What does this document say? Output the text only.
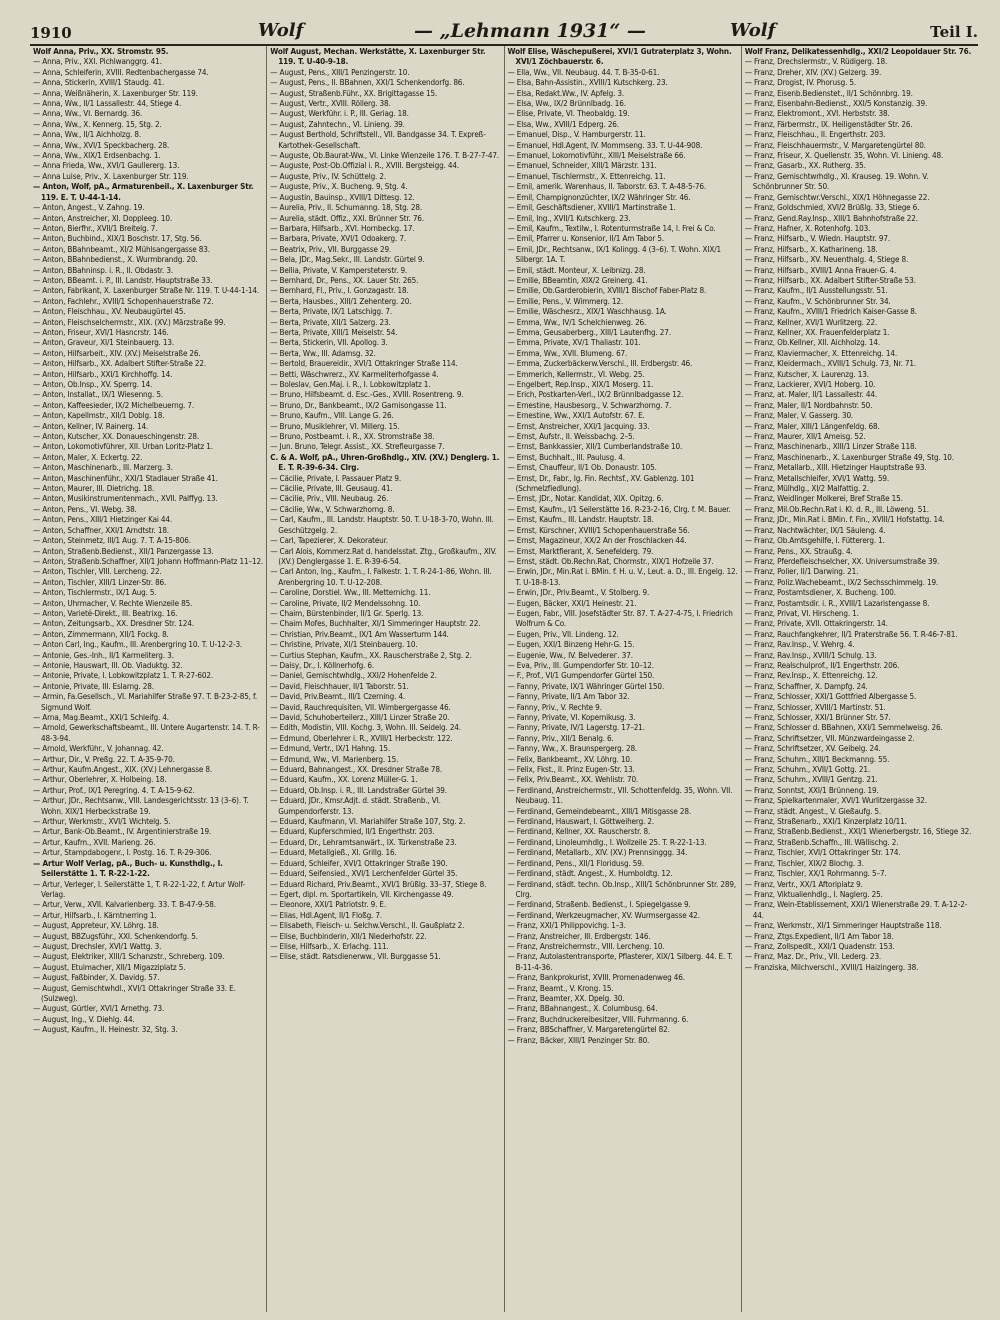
1910	Wolf	— „Lehmann 1931“ —	Wolf	Teil I.
Wolf Anna, Priv., XX. Stromstr. 95.
— Anna, Priv., XXI. Pichlwanggrg. 41.
— Anna, Schleiferin, XVIII. Redtenbachergasse 74.
— Anna, Stickerin, XVIII/1 Staudg. 41.
— Anna, Weißnäherin, X. Laxenburger Str. 119.
— Anna, Ww., II/1 Lassallestr. 44, Stiege 4.
— Anna, Ww., VI. Bernardg. 36.
— Anna, Ww., X. Kennerg. 15, Stg. 2.
— Anna, Ww., II/1 Aichholzg. 8.
— Anna, Ww., XVI/1 Speckbacherg. 28.
— Anna, Ww., XIX/1 Erdsenbachg. 1.
— Anna Frieda, Ww., XVI/1 Gaullererg. 13.
— Anna Luise, Priv., X. Laxenburger Str. 119.
— Anton, Wolf, pA., Armaturenbeil., X. Laxenburger Str. 119. E. T. U-44-1-14.
— Anton, Angest., V. Zahng. 19.
— Anton, Anstreicher, XI. Doppleeg. 10.
— Anton, Bierfhr., XVII/1 Breitelg. 7.
— Anton, Buchbind., XIX/1 Boschstr. 17, Stg. 56.
— Anton, BBahnbeamt., XI/2 Mühlsangergasse 83.
— Anton, BBahnbedienst., X. Wurmbrandg. 20.
— Anton, BBahninsp. i. R., II. Obdastr. 3.
— Anton, BBeamt. i. P., III. Landstr. Hauptstraße 33.
— Anton, Fabrikant, X. Laxenburger Straße Nr. 119. T. U-44-1-14.
— Anton, Fachlehr., XVIII/1 Schopenhauerstraße 72.
— Anton, Fleischhau., XV. Neubaugürtel 45.
— Anton, Fleischselchermstr., XIX. (XV.) Märzstraße 99.
— Anton, Friseur, XVI/1 Hasncrstr. 146.
— Anton, Graveur, XI/1 Steinbauerg. 13.
— Anton, Hilfsarbeit., XIV. (XV.) Meiselstraße 26.
— Anton, Hilfsarb., XX. Adalbert Stifter-Straße 22.
— Anton, Hilfsarb., XXI/1 Kirchhoffg. 14.
— Anton, Ob.Insp., XV. Sperrg. 14.
— Anton, Installat., IX/1 Wiesenng. 5.
— Anton, Kaffeesieder, IX/2 Michelbeuerng. 7.
— Anton, Kapellmstr., XII/1 Doblg. 18.
— Anton, Kellner, IV. Rainerg. 14.
— Anton, Kutscher, XX. Donaueschingenstr. 28.
— Anton, Lokomotivführer, XII. Urban Loritz-Platz 1.
— Anton, Maler, X. Eckertg. 22.
— Anton, Maschinenarb., III. Marzerg. 3.
— Anton, Maschinenführ., XXI/1 Stadlauer Straße 41.
— Anton, Maurer, III. Dietrichg. 18.
— Anton, Musikinstrumentenmach., XVII. Palffyg. 13.
— Anton, Pens., VI. Webg. 38.
— Anton, Pens., XIII/1 Hietzinger Kai 44.
— Anton, Schaffner, XXI/1 Arndtstr. 18.
— Anton, Steinmetz, III/1 Aug. 7. T. A-15-806.
— Anton, Straßenb.Bedienst., XII/1 Panzergasse 13.
— Anton, Straßenb.Schaffner, XII/1 Johann Hoffmann-Platz 11–12.
— Anton, Tischler, VIII. Lercheng. 22.
— Anton, Tischler, XIII/1 Linzer-Str. 86.
— Anton, Tischlermstr., IX/1 Aug. 5.
— Anton, Uhrmacher, V. Rechte Wienzeile 85.
— Anton, Varieté-Direkt., III. Beatrixg. 16.
— Anton, Zeitungsarb., XX. Dresdner Str. 124.
— Anton, Zimmermann, XII/1 Fockg. 8.
— Anton Carl, Ing., Kaufm., III. Arenbergring 10. T. U-12-2-3.
— Antonie, Ges.-Inh., II/1 Karmeliterg. 3.
— Antonie, Hauswart, III. Ob. Viaduktg. 32.
— Antonie, Private, I. Lobkowitzplatz 1. T. R-27-602.
— Antonie, Private, III. Eslarng. 28.
— Armin, Fa.Gesellsch., VI. Mariahilfer Straße 97. T. B-23-2-85, f. Sigmund Wolf.
— Arna, Mag.Beamt., XXI/1 Schleifg. 4.
— Arnold, Gewerkschaftsbeamt., III. Untere Augartenstr. 14. T. R-48-3-94.
— Arnold, Werkführ., V. Johannag. 42.
— Arthur, Dir., V. Preßg. 22. T. A-35-9-70.
— Arthur, Kaufm.Angest., XIX. (XV.) Lehnergasse 8.
— Arthur, Oberlehrer, X. Holbeing. 18.
— Arthur, Prof., IX/1 Peregring. 4. T. A-15-9-62.
— Arthur, JDr., Rechtsanw., VIII. Landesgerichtsstr. 13 (3–6). T. Wohn. XIX/1 Herbeckstraße 19.
— Arthur, Werkmstr., XVI/1 Wichtelg. 5.
— Artur, Bank-Ob.Beamt., IV. Argentinierstraße 19.
— Artur, Kaufm., XVII. Marieng. 26.
— Artur, Stampdabogenr., I. Postg. 16. T. R-29-306.
— Artur Wolf Verlag, pA., Buch- u. Kunsthdlg., I. Seilerstätte 1. T. R-22-1-22.
— Artur, Verleger, I. Seilerstätte 1, T. R-22-1-22, f. Artur Wolf-Verlag.
— Artur, Verw., XVII. Kalvarienberg. 33. T. B-47-9-58.
— Artur, Hilfsarb., I. Kärntnerring 1.
— August, Appreteur, XV. Löhrg. 18.
— August, BBZugsführ., XXI. Schenkendorfg. 5.
— August, Drechsler, XVI/1 Wattg. 3.
— August, Elektriker, XIII/1 Schanzstr., Schreberg. 109.
— August, Etuimacher, XII/1 Migazziplatz 5.
— August, Faßbinder, X. Davidg. 57.
— August, Gemischtwhdl., XVI/1 Ottakringer Straße 33. E. (Sulzweg).
— August, Gürtler, XVI/1 Arnethg. 73.
— August, Ing., V. Diehlg. 44.
— August, Kaufm., II. Heinestr. 32, Stg. 3.
Wolf August, Mechan. Werkstätte, X. Laxenburger Str. 119. T. U-40-9-18.
— August, Pens., XIII/1 Penzingerstr. 10.
— August, Pens., II. BBahnen, XXI/1 Schenkendorfg. 86.
— August, Straßenb.Führ., XX. Brigittagasse 15.
— August, Vertr., XVIII. Röllerg. 38.
— August, Werkführ. i. P., III. Geriag. 18.
— August, Zahntechn., VI. Linieng. 39.
— August Berthold, Schriftstell., VII. Bandgasse 34. T. Expreß-Kartothek-Gesellschaft.
— Auguste, Ob.Baurat-Ww., VI. Linke Wienzeile 176. T. B-27-7-47.
— Auguste, Post-Ob.Offizial i. R., XVIII. Bergsteigg. 44.
— Auguste, Priv., IV. Schüttelg. 2.
— Auguste, Priv., X. Bucheng. 9, Stg. 4.
— Augustin, Bauinsp., XVIII/1 Dittesg. 12.
— Aurelia, Priv., II. Schumanng. 18, Stg. 28.
— Aurelia, städt. Offiz., XXI. Brünner Str. 76.
— Barbara, Hilfsarb., XVI. Hornbeckg. 17.
— Barbara, Private, XVI/1 Odoakerg. 7.
— Beatrix, Priv., VII. Burggasse 29.
— Bela, JDr., Mag.Sekr., III. Landstr. Gürtel 9.
— Bellia, Private, V. Kampersteterstr. 9.
— Bernhard, Dr., Pens., XX. Lauer Str. 265.
— Bernhard, Fl., Priv., I. Gonzagastr. 18.
— Berta, Hausbes., XIII/1 Zehenterg. 20.
— Berta, Private, IX/1 Latschigg. 7.
— Berta, Private, XII/1 Salzerg. 23.
— Berta, Private, XIII/1 Meiselstr. 54.
— Berta, Stickerin, VII. Apollog. 3.
— Berta, Ww., III. Adamsg. 32.
— Bertold, Brauereidir., XVI/1 Ottakringer Straße 114.
— Betti, Wäschwrerz., XV. Karmeliterhofgasse 4.
— Boleslav, Gen.Maj. i. R., I. Lobkowitzplatz 1.
— Bruno, Hilfsbeamt. d. Esc.-Ges., XVIII. Rosentreng. 9.
— Bruno, Dr., Bankbeamt., IX/2 Garnisongasse 11.
— Bruno, Kaufm., VIII. Lange G. 26.
— Bruno, Musiklehrer, VI. Millerg. 15.
— Bruno, Postbeamt. i. R., XX. Stromstraße 38.
— Jun. Bruno, Telegr. Assist., XX. Strefleurgasse 7.
C. & A. Wolf, pA., Uhren-Großhdlg., XIV. (XV.) Denglerg. 1. E. T. R-39-6-34. Clrg.
— Cäcilie, Private, I. Passauer Platz 9.
— Cäcilie, Private, III. Geusaug. 41.
— Cäcilie, Priv., VIII. Neubaug. 26.
— Cäcilie, Ww., V. Schwarzhorng. 8.
— Carl, Kaufm., III. Landstr. Hauptstr. 50. T. U-18-3-70, Wohn. III. Geschützgelg. 2.
— Carl, Tapezierer, X. Dekorateur.
— Carl Alois, Kommerz.Rat d. handelsstat. Ztg., Großkaufm., XIV. (XV.) Denglergasse 1. E. R-39-6-54.
— Carl Anton, Ing., Kaufm., I. Falkestr. 1. T. R-24-1-86, Wohn. III. Arenbergring 10. T. U-12-208.
— Caroline, Dorstiel. Ww., III. Metternichg. 11.
— Caroline, Private, II/2 Mendelssohng. 10.
— Chaim, Bürstenbinder, II/1 Gr. Sperlg. 13.
— Chaim Mofes, Buchhalter, XI/1 Simmeringer Hauptstr. 22.
— Christian, Priv.Beamt., IX/1 Am Wasserturm 144.
— Christine, Private, XI/1 Steinbauerg. 10.
— Curtius Stephan, Kaufm., XX. Rauscherstraße 2, Stg. 2.
— Daisy, Dr., I. Köllnerhofg. 6.
— Daniel, Gemischtwhdlg., XXI/2 Hohenfelde 2.
— David, Fleischhauer, II/1 Taborstr. 51.
— David, Priv.Beamt., III/1 Czerning. 4.
— David, Rauchrequisiten, VII. Wimbergergasse 46.
— David, Schuhoberteilerz., XIII/1 Linzer Straße 20.
— Edith, Modistin, VIII. Kochg. 3, Wohn. III. Seidelg. 24.
— Edmund, Oberlehrer i. R., XVIII/1 Herbeckstr. 122.
— Edmund, Vertr., IX/1 Hahng. 15.
— Edmund, Ww., VI. Marienberg. 15.
— Eduard, Bahnangest., XX. Dresdner Straße 78.
— Eduard, Kaufm., XX. Lorenz Müller-G. 1.
— Eduard, Ob.Insp. i. R., III. Landstraßer Gürtel 39.
— Eduard, JDr., Kmsr.Adjt. d. städt. Straßenb., VI. Gumpendorferstr. 13.
— Eduard, Kaufmann, VI. Mariahilfer Straße 107, Stg. 2.
— Eduard, Kupferschmied, II/1 Engerthstr. 203.
— Eduard, Dr., Lehramtsanwärt., IX. Türkenstraße 23.
— Eduard, Metallgieß., XI. Grillg. 16.
— Eduard, Schleifer, XVI/1 Ottakringer Straße 190.
— Eduard, Seifensied., XVI/1 Lerchenfelder Gürtel 35.
— Eduard Richard, Priv.Beamt., XVI/1 Brüßlg. 33–37, Stiege 8.
— Egert, dipl. m. Sportartikeln, VII. Kirchengasse 49.
— Eleonore, XXI/1 Patriotstr. 9. E.
— Elias, Hdl.Agent, II/1 Floßg. 7.
— Elisabeth, Fleisch- u. Selchw.Verschl., II. Gaußplatz 2.
— Elise, Buchbinderin, XII/1 Niederhofstr. 22.
— Elise, Hilfsarb., X. Erlachg. 111.
— Elise, städt. Ratsdienerww., VII. Burggasse 51.
Wolf Elise, Wäschepußerei, XVI/1 Gutraterplatz 3, Wohn. XVI/1 Zöchbauerstr. 6.
— Ella, Ww., VII. Neubaug. 44. T. B-35-0-61.
— Elsa, Bahn-Assistin., XVIII/1 Kutschkerg. 23.
— Elsa, Redakt.Ww., IV. Apfelg. 3.
— Elsa, Ww., IX/2 Brünnlbadg. 16.
— Elise, Private, VI. Theobaldg. 19.
— Elsa, Ww., XVIII/1 Edperg. 26.
— Emanuel, Disp., V. Hamburgerstr. 11.
— Emanuel, Hdl.Agent, IV. Mommseng. 33. T. U-44-908.
— Emanuel, Lokomotivführ., XIII/1 Meiselstraße 66.
— Emanuel, Schneider, XIII/1 Märzstr. 131.
— Emanuel, Tischlermstr., X. Ettenreichg. 11.
— Emil, amerik. Warenhaus, II. Taborstr. 63. T. A-48-5-76.
— Emil, Champignonzüchter, IX/2 Währinger Str. 46.
— Emil, Geschäftsdiener, XVIII/1 Martinstraße 1.
— Emil, Ing., XVII/1 Kutschkerg. 23.
— Emil, Kaufm., Textilw., I. Rotenturmstraße 14, I. Frei & Co.
— Emil, Pfarrer u. Konsenior, II/1 Am Tabor 5.
— Emil, JDr., Rechtsanw., IX/1 Kolingg. 4 (3–6). T. Wohn. XIX/1 Silbergr. 1A. T.
— Emil, städt. Monteur, X. Leibnizg. 28.
— Emilie, BBeamtin, XIX/2 Greinerg. 41.
— Emilie, Ob.Garderobierin, XVIII/1 Bischof Faber-Platz 8.
— Emilie, Pens., V. Wimmerg. 12.
— Emilie, Wäschesrz., XIX/1 Waschhausg. 1A.
— Emma, Ww., IV/1 Schelchienweg. 26.
— Emma, Geusaberberg., XIII/1 Lautenfhg. 27.
— Emma, Private, XV/1 Thaliastr. 101.
— Emma, Ww., XVII. Blumeng. 67.
— Emma, Zuckerbäckerw.Verschl., III. Erdbergstr. 46.
— Emmerich, Kellermstr., VI. Webg. 25.
— Engelbert, Rep.Insp., XIX/1 Moserg. 11.
— Erich, Postkarten-Verl., IX/2 Brünnlbadgasse 12.
— Ernestine, Hausbesorg., V. Schwarzhorng. 7.
— Ernestine, Ww., XXI/1 Autofstr. 67. E.
— Ernst, Anstreicher, XXI/1 Jacquing. 33.
— Ernst, Aufstr., II. Weissbachg. 2–5.
— Ernst, Bankkassier, XII/1 Cumberlandstraße 10.
— Ernst, Buchhalt., III. Paulusg. 4.
— Ernst, Chauffeur, II/1 Ob. Donaustr. 105.
— Ernst, Dr., Fabr., Ig. Fin. Rechtsf., XV. Gablenzg. 101 (Schmelzfiedlung).
— Ernst, JDr., Notar. Kandidat, XIX. Opitzg. 6.
— Ernst, Kaufm., I/1 Seilerstätte 16. R-23-2-16, Clrg. f. M. Bauer.
— Ernst, Kaufm., III. Landstr. Hauptstr. 18.
— Ernst, Kürschner, XVIII/1 Schopenhauerstraße 56.
— Ernst, Magazineur, XX/2 An der Froschlacken 44.
— Ernst, Marktfierant, X. Senefelderg. 79.
— Ernst, städt. Ob.Rechn.Rat, Chormstr., XIX/1 Hofzeile 37.
— Erwin, JDr., Min.Rat i. BMin. f. H. u. V., Leut. a. D., III. Engelg. 12. T. U-18-8-13.
— Erwin, JDr., Priv.Beamt., V. Stolberg. 9.
— Eugen, Bäcker, XXI/1 Heinestr. 21.
— Eugen, Fabr., VIII. Josefstädter Str. 87. T. A-27-4-75, I. Friedrich Wolfrum & Co.
— Eugen, Priv., VII. Lindeng. 12.
— Eugen, XXI/1 Binzeng Hehr-G. 15.
— Eugenie, Ww., IV. Belvederег. 37.
— Eva, Priv., III. Gumpendorfer Str. 10–12.
— F., Prof., VI/1 Gumpendorfer Gürtel 150.
— Fanny, Private, IX/1 Währinger Gürtel 150.
— Fanny, Private, II/1 Am Tabor 32.
— Fanny, Priv., V. Rechte 9.
— Fanny, Private, VI. Kopernikusg. 3.
— Fanny, Private, IV/1 Lagerstg. 17–21.
— Fanny, Priv., XII/1 Benalg. 6.
— Fanny, Ww., X. Braunspergerg. 28.
— Felix, Bankbeamt., XV. Löhrg. 10.
— Felix, Fkst., II. Prinz Eugen-Str. 13.
— Felix, Priv.Beamt., XX. Wehlistr. 70.
— Ferdinand, Anstreichermstr., VII. Schottenfeldg. 35, Wohn. VII. Neubaug. 11.
— Ferdinand, Gemeindebeamt., XIII/1 Mitisgasse 28.
— Ferdinand, Hauswart, I. Göttweiherg. 2.
— Ferdinand, Kellner, XX. Rauscherstr. 8.
— Ferdinand, Linoleumhdlg., I. Wollzeile 25. T. R-22-1-13.
— Ferdinand, Metallarb., XIV. (XV.) Prennsinggg. 34.
— Ferdinand, Pens., XII/1 Floridusg. 59.
— Ferdinand, städt. Angest., X. Humboldtg. 12.
— Ferdinand, städt. techn. Ob.Insp., XIII/1 Schönbrunner Str. 289, Clrg.
— Ferdinand, Straßenb. Bedienst., I. Spiegelgasse 9.
— Ferdinand, Werkzeugmacher, XV. Wurmsergasse 42.
— Franz, XXI/1 Philippovichg. 1–3.
— Franz, Anstreicher, III. Erdbergstr. 146.
— Franz, Anstreichermstr., VIII. Lercheng. 10.
— Franz, Autolastentransporte, Pflasterer, XIX/1 Silberg. 44. E. T. B-11-4-36.
— Franz, Bankprokurist, XVIII. Promenadenweg 46.
— Franz, Beamt., V. Krong. 15.
— Franz, Beamter, XX. Dpelg. 30.
— Franz, BBahnangest., X. Columbusg. 64.
— Franz, Buchdruckereibesitzer, VIII. Fuhrmanng. 6.
— Franz, BBSchaffner, V. Margaretengürtel 82.
— Franz, Bäcker, XIII/1 Penzinger Str. 80.
Wolf Franz, Delikatessenhdlg., XXI/2 Leopoldauer Str. 76.
— Franz, Drechslermstr., V. Rüdigerg. 18.
— Franz, Dreher, XIV. (XV.) Gelzerg. 39.
— Franz, Drogist, IV. Phorusg. 5.
— Franz, Eisenb.Bedienstet., II/1 Schönnbrg. 19.
— Franz, Eisenbahn-Bedienst., XXI/5 Konstanzig. 39.
— Franz, Elektromont., XVI. Herbststr. 38.
— Franz, Färbermstr., IX. Heiligenstädter Str. 26.
— Franz, Fleischhau., II. Engerthstr. 203.
— Franz, Fleischhauermstr., V. Margaretengürtel 80.
— Franz, Friseur, X. Quellenstr. 35, Wohn. VI. Linieng. 48.
— Franz, Gasarb., XX. Rutherg. 35.
— Franz, Gemischtwrhdlg., XI. Krauseg. 19. Wohn. V. Schönbrunner Str. 50.
— Franz, Gemischtwr.Verschl., XIX/1 Höhnegasse 22.
— Franz, Goldschmied, XVI/2 Brüßlg. 33, Stiege 6.
— Franz, Gend.Ray.Insp., XIII/1 Bahnhofstraße 22.
— Franz, Hafner, X. Rotenhofg. 103.
— Franz, Hilfsarb., V. Wiedn. Hauptstr. 97.
— Franz, Hilfsarb., X. Katharineng. 18.
— Franz, Hilfsarb., XV. Neuenthalg. 4, Stiege 8.
— Franz, Hilfsarb., XVIII/1 Anna Frauer-G. 4.
— Franz, Hilfsarb., XX. Adalbert Stifter-Straße 53.
— Franz, Kaufm., II/1 Ausstellungsstr. 51.
— Franz, Kaufm., V. Schönbrunner Str. 34.
— Franz, Kaufm., XVIII/1 Friedrich Kaiser-Gasse 8.
— Franz, Kellner, XVI/1 Wurlitzerg. 22.
— Franz, Kellner, XX. Frauenfelderplatz 1.
— Franz, Ob.Kellner, XII. Aichholzg. 14.
— Franz, Klaviermacher, X. Ettenreichg. 14.
— Franz, Kleidermach., XVIII/1 Schulg. 73, Nr. 71.
— Franz, Kutscher, X. Laurenzg. 13.
— Franz, Lackierer, XVI/1 Hoberg. 10.
— Franz, at. Maler, II/1 Lassallestr. 44.
— Franz, Maler, II/1 Nordbahnstr. 50.
— Franz, Maler, V. Gasserg. 30.
— Franz, Maler, XIII/1 Längenfeldg. 68.
— Franz, Maurer, XII/1 Ameisg. 52.
— Franz, Maschinenarb., XIII/1 Linzer Straße 118.
— Franz, Maschinenarb., X. Laxenburger Straße 49, Stg. 10.
— Franz, Metallarb., XIII. Hietzinger Hauptstraße 93.
— Franz, Metallschleifer, XVI/1 Wattg. 59.
— Franz, Mülhdlg., XI/2 Malfattig. 2.
— Franz, Weidlinger Molkerei, Bref Straße 15.
— Franz, Mil.Ob.Rechn.Rat i. Kl. d. R., III. Löweng. 51.
— Franz, JDr., Min.Rat i. BMin. f. Fin., XVIII/1 Hofstattg. 14.
— Franz, Nachtwächter, IX/1 Säuleng. 4.
— Franz, Ob.Amtsgehilfe, I. Füttererg. 1.
— Franz, Pens., XX. Straußg. 4.
— Franz, Pferdefleischselcher, XX. Universumstraße 39.
— Franz, Polier, II/1 Darwing. 21.
— Franz, Poliz.Wachebeamt., IX/2 Sechsschimmelg. 19.
— Franz, Postamtsdiener, X. Bucheng. 100.
— Franz, Postamtsdir. i. R., XVIII/1 Lazaristengasse 8.
— Franz, Privat, VI. Hirscheng. 1.
— Franz, Private, XVII. Ottakringerstr. 14.
— Franz, Rauchfangkehrer, II/1 Praterstraße 56. T. R-46-7-81.
— Franz, Rav.Insp., V. Wehrg. 4.
— Franz, Rav.Insp., XVIII/1 Schulg. 13.
— Franz, Realschulprof., II/1 Engerthstr. 206.
— Franz, Rev.Insp., X. Ettenreichg. 12.
— Franz, Schaffner, X. Dampfg. 24.
— Franz, Schlosser, XXI/1 Gottfried Albergasse 5.
— Franz, Schlosser, XVIII/1 Martinstr. 51.
— Franz, Schlosser, XXI/1 Brünner Str. 57.
— Franz, Schlosser d. BBahnen, XXI/1 Semmelweisg. 26.
— Franz, Schriftsetzer, VII. Münzwardeingasse 2.
— Franz, Schriftsetzer, XV. Geibelg. 24.
— Franz, Schuhm., XIII/1 Beckmanng. 55.
— Franz, Schuhm., XVII/1 Gottg. 21.
— Franz, Schuhm., XVIII/1 Gentzg. 21.
— Franz, Sonntst, XXI/1 Brünneng. 19.
— Franz, Spielkartenmaler, XVI/1 Wurlitzergasse 32.
— Franz, städt. Angest., V. Gießaufg. 5.
— Franz, Straßenarb., XXI/1 Kinzerplatz 10/11.
— Franz, Straßenb.Bedienst., XXI/1 Wienerbergstr. 16, Stiege 32.
— Franz, Straßenb.Schaffn., III. Wällischg. 2.
— Franz, Tischler, XVI/1 Ottakringer Str. 174.
— Franz, Tischler, XIX/2 Blochg. 3.
— Franz, Tischler, XX/1 Rohrmanng. 5–7.
— Franz, Vertr., XX/1 Aftoriplatz 9.
— Franz, Viktualienhdlg., I. Naglerg. 25.
— Franz, Wein-Etablissement, XXI/1 Wienerstraße 29. T. A-12-2-44.
— Franz, Werkmstr., XI/1 Simmeringer Hauptstraße 118.
— Franz, Ztgs.Expedient, II/1 Am Tabor 18.
— Franz, Zollspedit., XXI/1 Quadenstr. 153.
— Franz, Maz. Dr., Priv., VII. Lederg. 23.
— Franziska, Milchverschl., XVIII/1 Haizingerg. 38.
